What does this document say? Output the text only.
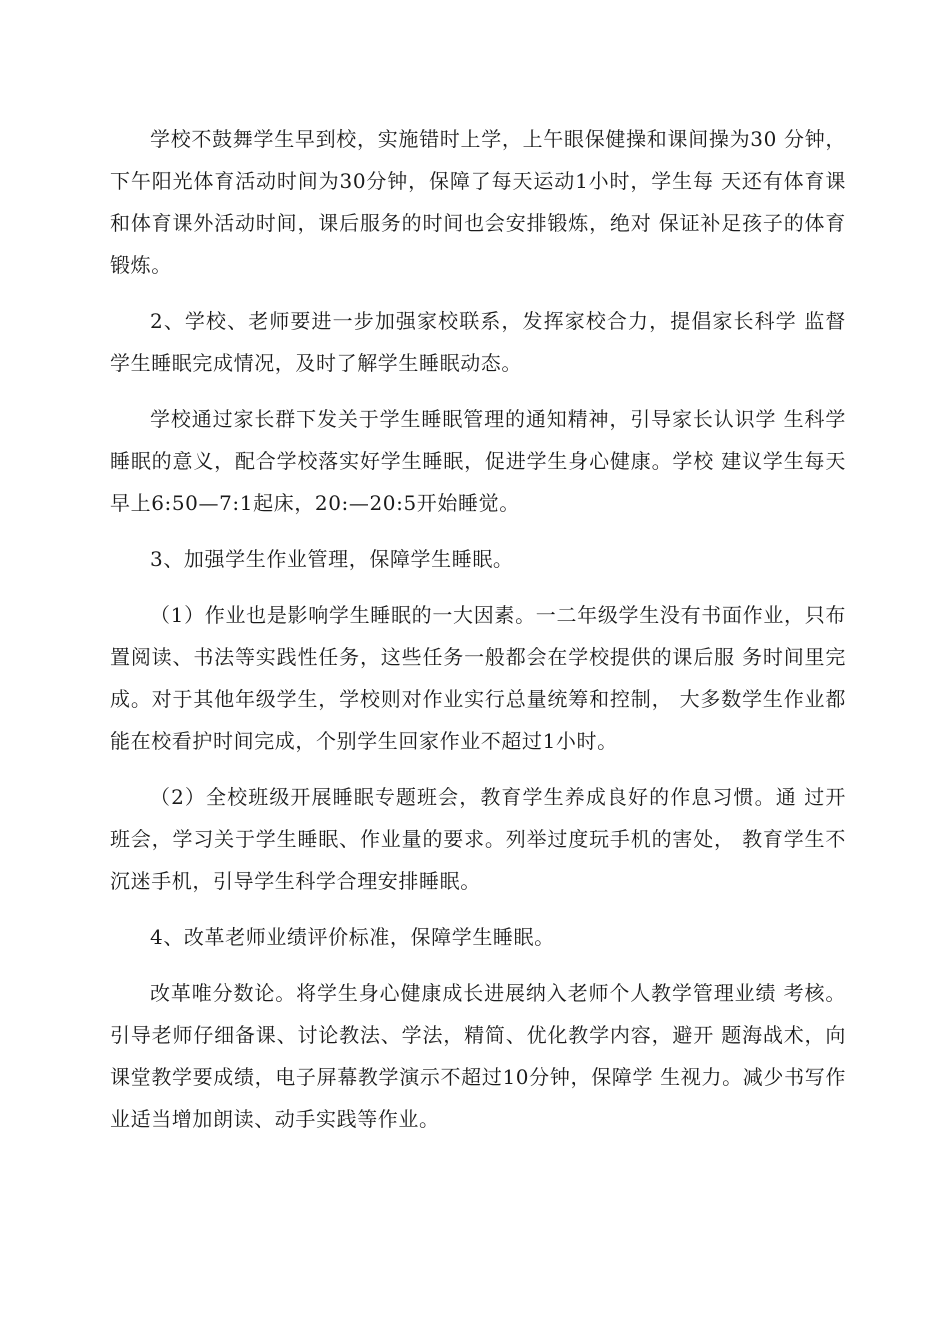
学校不鼓舞学生早到校，实施错时上学，上午眼保健操和课间操为30 分钟，下午阳光体育活动时间为30分钟，保障了每天运动1小时，学生每 天还有体育课和体育课外活动时间，课后服务的时间也会安排锻炼，绝对 保证补足孩子的体育锻炼。

2、学校、老师要进一步加强家校联系，发挥家校合力，提倡家长科学 监督学生睡眠完成情况，及时了解学生睡眠动态。

学校通过家长群下发关于学生睡眠管理的通知精神，引导家长认识学 生科学睡眠的意义，配合学校落实好学生睡眠，促进学生身心健康。学校 建议学生每天早上6:50—7:1起床，20:—20:5开始睡觉。

3、加强学生作业管理，保障学生睡眠。

（1）作业也是影响学生睡眠的一大因素。一二年级学生没有书面作业，只布置阅读、书法等实践性任务，这些任务一般都会在学校提供的课后服 务时间里完成。对于其他年级学生，学校则对作业实行总量统筹和控制， 大多数学生作业都能在校看护时间完成，个别学生回家作业不超过1小时。

（2）全校班级开展睡眠专题班会，教育学生养成良好的作息习惯。通 过开班会，学习关于学生睡眠、作业量的要求。列举过度玩手机的害处， 教育学生不沉迷手机，引导学生科学合理安排睡眠。

4、改革老师业绩评价标准，保障学生睡眠。

改革唯分数论。将学生身心健康成长进展纳入老师个人教学管理业绩 考核。引导老师仔细备课、讨论教法、学法，精简、优化教学内容，避开 题海战术，向课堂教学要成绩，电子屏幕教学演示不超过10分钟，保障学 生视力。减少书写作业适当增加朗读、动手实践等作业。
